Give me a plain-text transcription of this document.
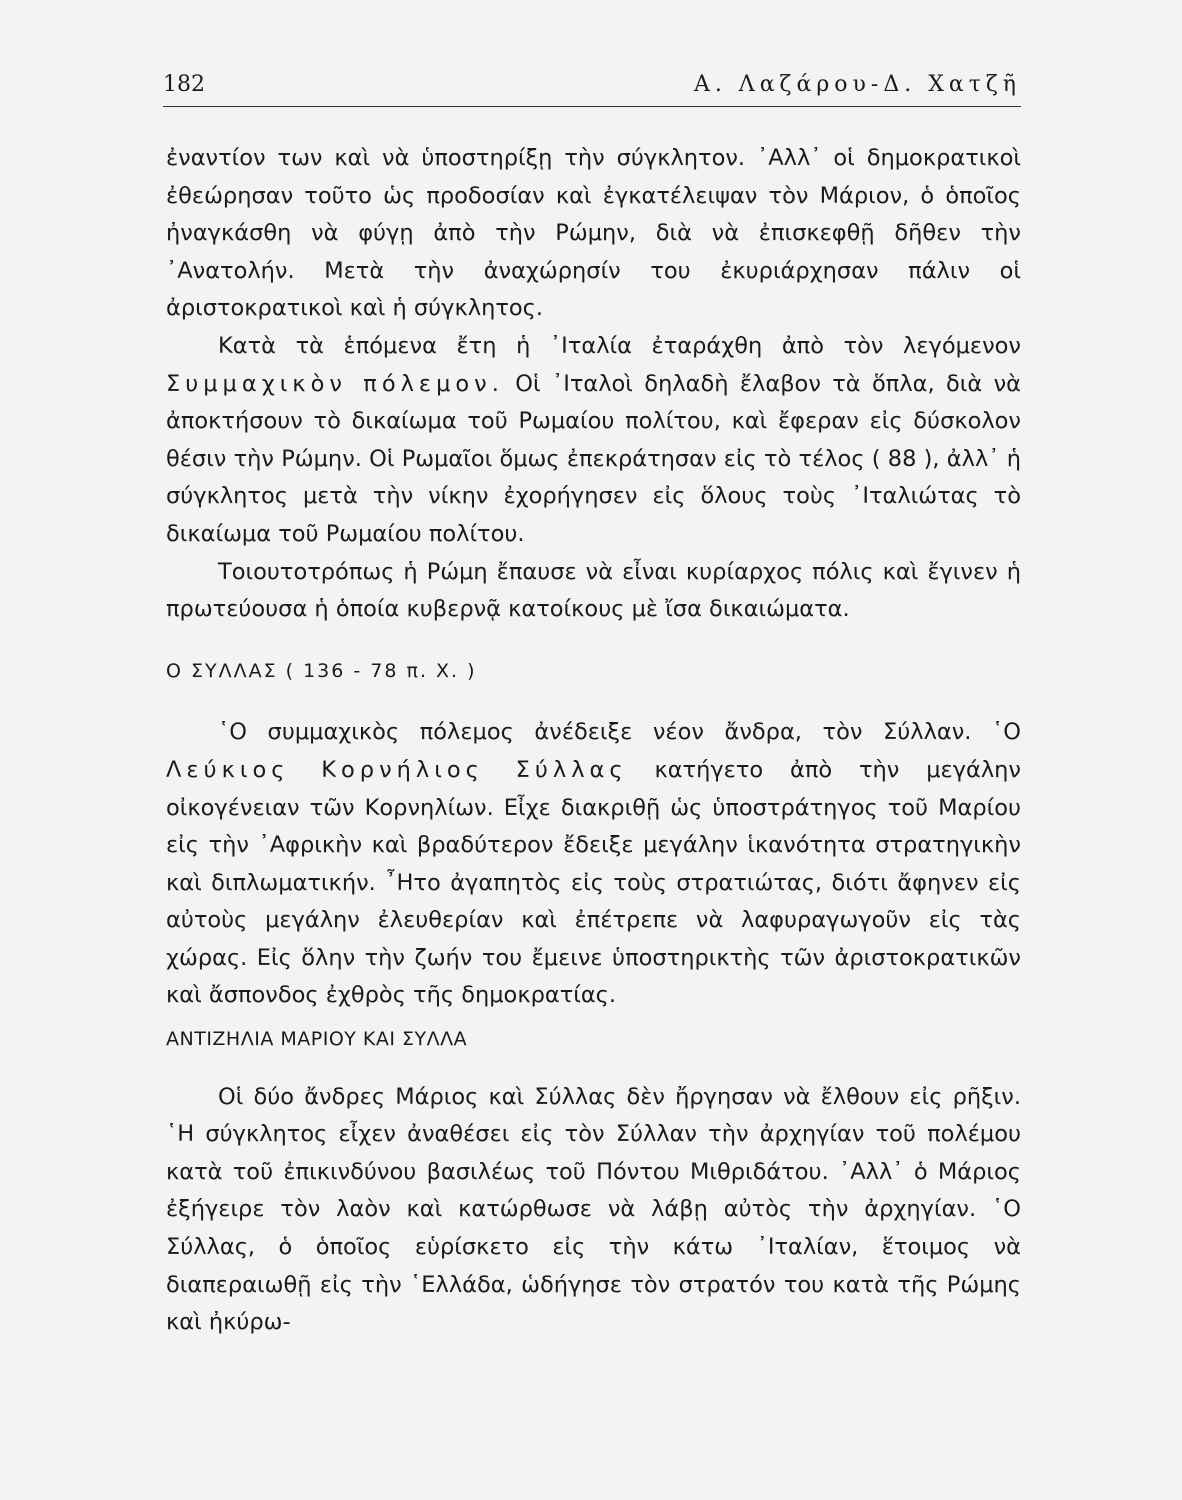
182	Α. Λαζάρου-Δ. Χατζῆ

ἐναντίον των καὶ νὰ ὑποστηρίξῃ τὴν σύγκλητον. ᾿Αλλ᾿ οἱ δημοκρατικοὶ ἐθεώρησαν τοῦτο ὡς προδοσίαν καὶ ἐγκατέλειψαν τὸν Μάριον, ὁ ὁποῖος ἠναγκάσθη νὰ φύγῃ ἀπὸ τὴν Ρώμην, διὰ νὰ ἐπισκεφθῇ δῆθεν τὴν ᾿Ανατολήν. Μετὰ τὴν ἀναχώρησίν του ἐκυριάρχησαν πάλιν οἱ ἀριστοκρατικοὶ καὶ ἡ σύγκλητος.

Κατὰ τὰ ἑπόμενα ἔτη ἡ ᾿Ιταλία ἐταράχθη ἀπὸ τὸν λεγόμενον Συμμαχικὸν πόλεμον. Οἱ ᾿Ιταλοὶ δηλαδὴ ἔλαβον τὰ ὅπλα, διὰ νὰ ἀποκτήσουν τὸ δικαίωμα τοῦ Ρωμαίου πολίτου, καὶ ἔφεραν εἰς δύσκολον θέσιν τὴν Ρώμην. Οἱ Ρωμαῖοι ὅμως ἐπεκράτησαν εἰς τὸ τέλος ( 88 ), ἀλλ᾿ ἡ σύγκλητος μετὰ τὴν νίκην ἐχορήγησεν εἰς ὅλους τοὺς ᾿Ιταλιώτας τὸ δικαίωμα τοῦ Ρωμαίου πολίτου.

Τοιουτοτρόπως ἡ Ρώμη ἔπαυσε νὰ εἶναι κυρίαρχος πόλις καὶ ἔγινεν ἡ πρωτεύουσα ἡ ὁποία κυβερνᾷ κατοίκους μὲ ἴσα δικαιώματα.

Ο ΣΥΛΛΑΣ ( 136 - 78 π. Χ. )

῾Ο συμμαχικὸς πόλεμος ἀνέδειξε νέον ἄνδρα, τὸν Σύλλαν. ῾Ο Λεύκιος Κορνήλιος Σύλλας κατήγετο ἀπὸ τὴν μεγάλην οἰκογένειαν τῶν Κορνηλίων. Εἶχε διακριθῇ ὡς ὑποστράτηγος τοῦ Μαρίου εἰς τὴν ᾿Αφρικὴν καὶ βραδύτερον ἔδειξε μεγάλην ἱκανότητα στρατηγικὴν καὶ διπλωματικήν. ῏Ητο ἀγαπητὸς εἰς τοὺς στρατιώτας, διότι ἄφηνεν εἰς αὐτοὺς μεγάλην ἐλευθερίαν καὶ ἐπέτρεπε νὰ λαφυραγωγοῦν εἰς τὰς χώρας. Εἰς ὅλην τὴν ζωήν του ἔμεινε ὑποστηρικτὴς τῶν ἀριστοκρατικῶν καὶ ἄσπονδος ἐχθρὸς τῆς δημοκρατίας.

ΑΝΤΙΖΗΛΙΑ ΜΑΡΙΟΥ ΚΑΙ ΣΥΛΛΑ

Οἱ δύο ἄνδρες Μάριος καὶ Σύλλας δὲν ἤργησαν νὰ ἔλθουν εἰς ρῆξιν. ῾Η σύγκλητος εἶχεν ἀναθέσει εἰς τὸν Σύλλαν τὴν ἀρχηγίαν τοῦ πολέμου κατὰ τοῦ ἐπικινδύνου βασιλέως τοῦ Πόντου Μιθριδάτου. ᾿Αλλ᾿ ὁ Μάριος ἐξήγειρε τὸν λαὸν καὶ κατώρθωσε νὰ λάβῃ αὐτὸς τὴν ἀρχηγίαν. ῾Ο Σύλλας, ὁ ὁποῖος εὑρίσκετο εἰς τὴν κάτω ᾿Ιταλίαν, ἕτοιμος νὰ διαπεραιωθῇ εἰς τὴν ῾Ελλάδα, ὡδήγησε τὸν στρατόν του κατὰ τῆς Ρώμης καὶ ἠκύρω-
